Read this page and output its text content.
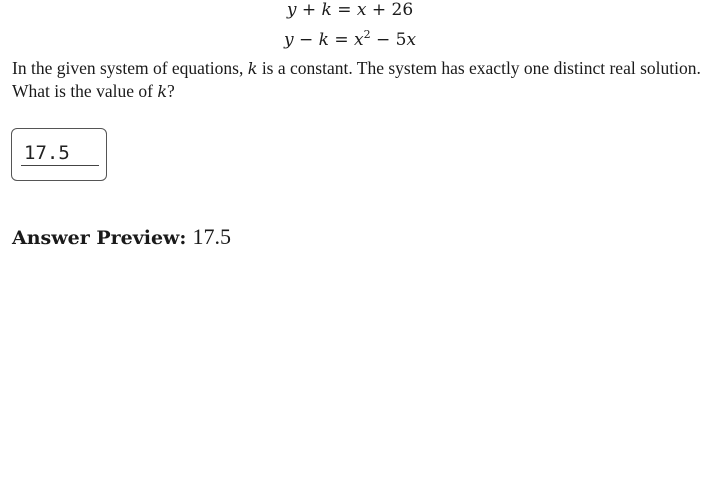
y + k = x + 26
$y - k = x^2 - 5x$
In the given system of equations, k is a constant. The system has exactly one distinct real solution. What is the value of k?
17.5
Answer Preview: 17.5
